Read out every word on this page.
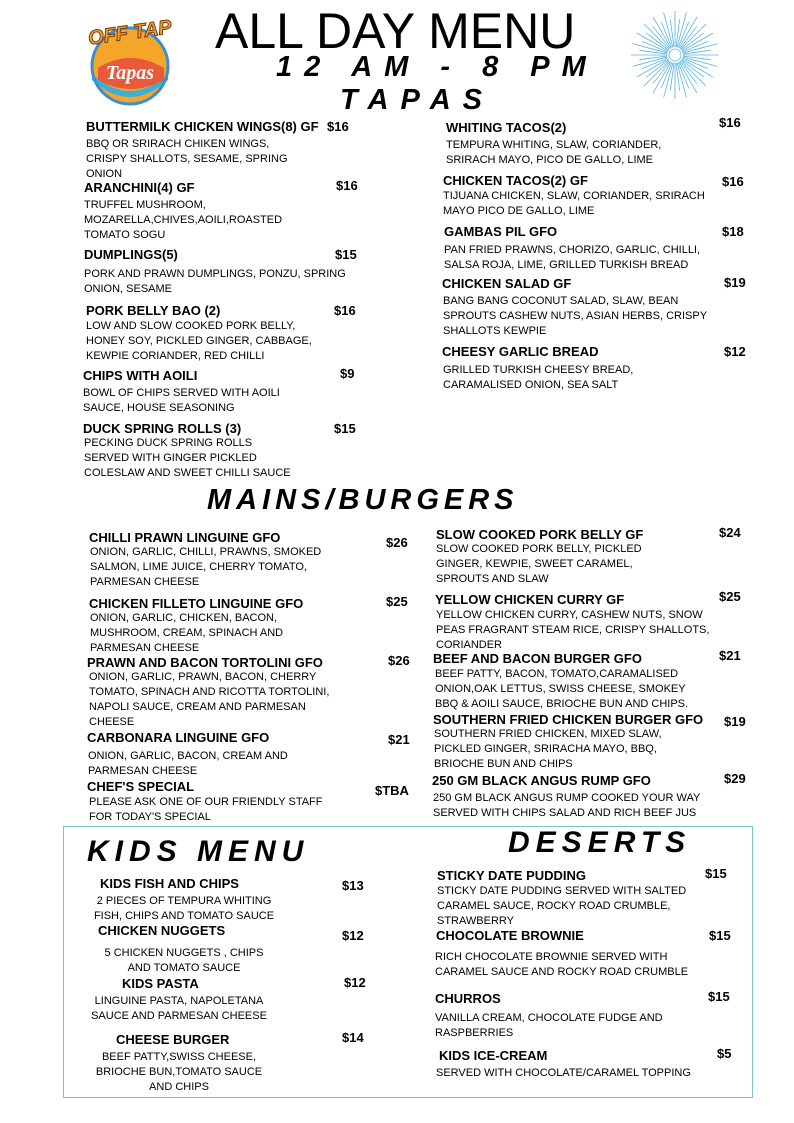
OFF TAP
Tapas
ALL DAY MENU
12 AM - 8 PM
TAPAS
BUTTERMILK CHICKEN WINGS(8) GF $16
BBQ OR SRIRACH CHIKEN WINGS,
CRISPY SHALLOTS, SESAME, SPRING
ONION
ARANCHINI(4) GF	$16
TRUFFEL MUSHROOM,
MOZARELLA,CHIVES,AOILI,ROASTED
TOMATO SOGU
DUMPLINGS(5)	$15
PORK AND PRAWN DUMPLINGS, PONZU, SPRING
ONION, SESAME
PORK BELLY BAO (2)	$16
LOW AND SLOW COOKED PORK BELLY,
HONEY SOY, PICKLED GINGER, CABBAGE,
KEWPIE CORIANDER, RED CHILLI
CHIPS WITH AOILI	$9
BOWL OF CHIPS SERVED WITH AOILI
SAUCE, HOUSE SEASONING
DUCK SPRING ROLLS (3)	$15
PECKING DUCK SPRING ROLLS
SERVED WITH GINGER PICKLED
COLESLAW AND SWEET CHILLI SAUCE
WHITING TACOS(2)
TEMPURA WHITING, SLAW, CORIANDER,
SRIRACH MAYO, PICO DE GALLO, LIME
$16
CHICKEN TACOS(2) GF
TIJUANA CHICKEN, SLAW, CORIANDER, SRIRACH
MAYO PICO DE GALLO, LIME
$16
GAMBAS PIL GFO
PAN FRIED PRAWNS, CHORIZO, GARLIC, CHILLI,
SALSA ROJA, LIME, GRILLED TURKISH BREAD
$18
CHICKEN SALAD GF
BANG BANG COCONUT SALAD, SLAW, BEAN
SPROUTS CASHEW NUTS, ASIAN HERBS, CRISPY
SHALLOTS KEWPIE
$19
CHEESY GARLIC BREAD
GRILLED TURKISH CHEESY BREAD,
CARAMALISED ONION, SEA SALT
$12
MAINS/BURGERS
CHILLI PRAWN LINGUINE GFO
ONION, GARLIC, CHILLI, PRAWNS, SMOKED
SALMON, LIME JUICE, CHERRY TOMATO,
PARMESAN CHEESE
$26
CHICKEN FILLETO LINGUINE GFO
ONION, GARLIC, CHICKEN, BACON,
MUSHROOM, CREAM, SPINACH AND
PARMESAN CHEESE
$25
PRAWN AND BACON TORTOLINI GFO
ONION, GARLIC, PRAWN, BACON, CHERRY
TOMATO, SPINACH AND RICOTTA TORTOLINI,
NAPOLI SAUCE, CREAM AND PARMESAN
CHEESE
$26
CARBONARA LINGUINE GFO
ONION, GARLIC, BACON, CREAM AND
PARMESAN CHEESE
$21
CHEF'S SPECIAL
PLEASE ASK ONE OF OUR FRIENDLY STAFF
FOR TODAY'S SPECIAL
$TBA
SLOW COOKED PORK BELLY GF
SLOW COOKED PORK BELLY, PICKLED
GINGER, KEWPIE, SWEET CARAMEL,
SPROUTS AND SLAW
$24
YELLOW CHICKEN CURRY GF
YELLOW CHICKEN CURRY, CASHEW NUTS, SNOW
PEAS FRAGRANT STEAM RICE, CRISPY SHALLOTS,
CORIANDER
$25
BEEF AND BACON BURGER GFO
BEEF PATTY, BACON, TOMATO,CARAMALISED
ONION,OAK LETTUS, SWISS CHEESE, SMOKEY
BBQ & AOILI SAUCE, BRIOCHE BUN AND CHIPS.
$21
SOUTHERN FRIED CHICKEN BURGER GFO
SOUTHERN FRIED CHICKEN, MIXED SLAW,
PICKLED GINGER, SRIRACHA MAYO, BBQ,
BRIOCHE BUN AND CHIPS
$19
250 GM BLACK ANGUS RUMP GFO
250 GM BLACK ANGUS RUMP COOKED YOUR WAY
SERVED WITH CHIPS SALAD AND RICH BEEF JUS
$29
KIDS MENU	DESERTS
KIDS FISH AND CHIPS	$13
2 PIECES OF TEMPURA WHITING
FISH, CHIPS AND TOMATO SAUCE
CHICKEN NUGGETS	$12
5 CHICKEN NUGGETS , CHIPS
AND TOMATO SAUCE
KIDS PASTA	$12
LINGUINE PASTA, NAPOLETANA
SAUCE AND PARMESAN CHEESE
CHEESE BURGER	$14
BEEF PATTY,SWISS CHEESE,
BRIOCHE BUN,TOMATO SAUCE
AND CHIPS
STICKY DATE PUDDING	$15
STICKY DATE PUDDING SERVED WITH SALTED
CARAMEL SAUCE, ROCKY ROAD CRUMBLE,
STRAWBERRY
CHOCOLATE BROWNIE	$15
RICH CHOCOLATE BROWNIE SERVED WITH
CARAMEL SAUCE AND ROCKY ROAD CRUMBLE
CHURROS	$15
VANILLA CREAM, CHOCOLATE FUDGE AND
RASPBERRIES
KIDS ICE-CREAM	$5
SERVED WITH CHOCOLATE/CARAMEL TOPPING
